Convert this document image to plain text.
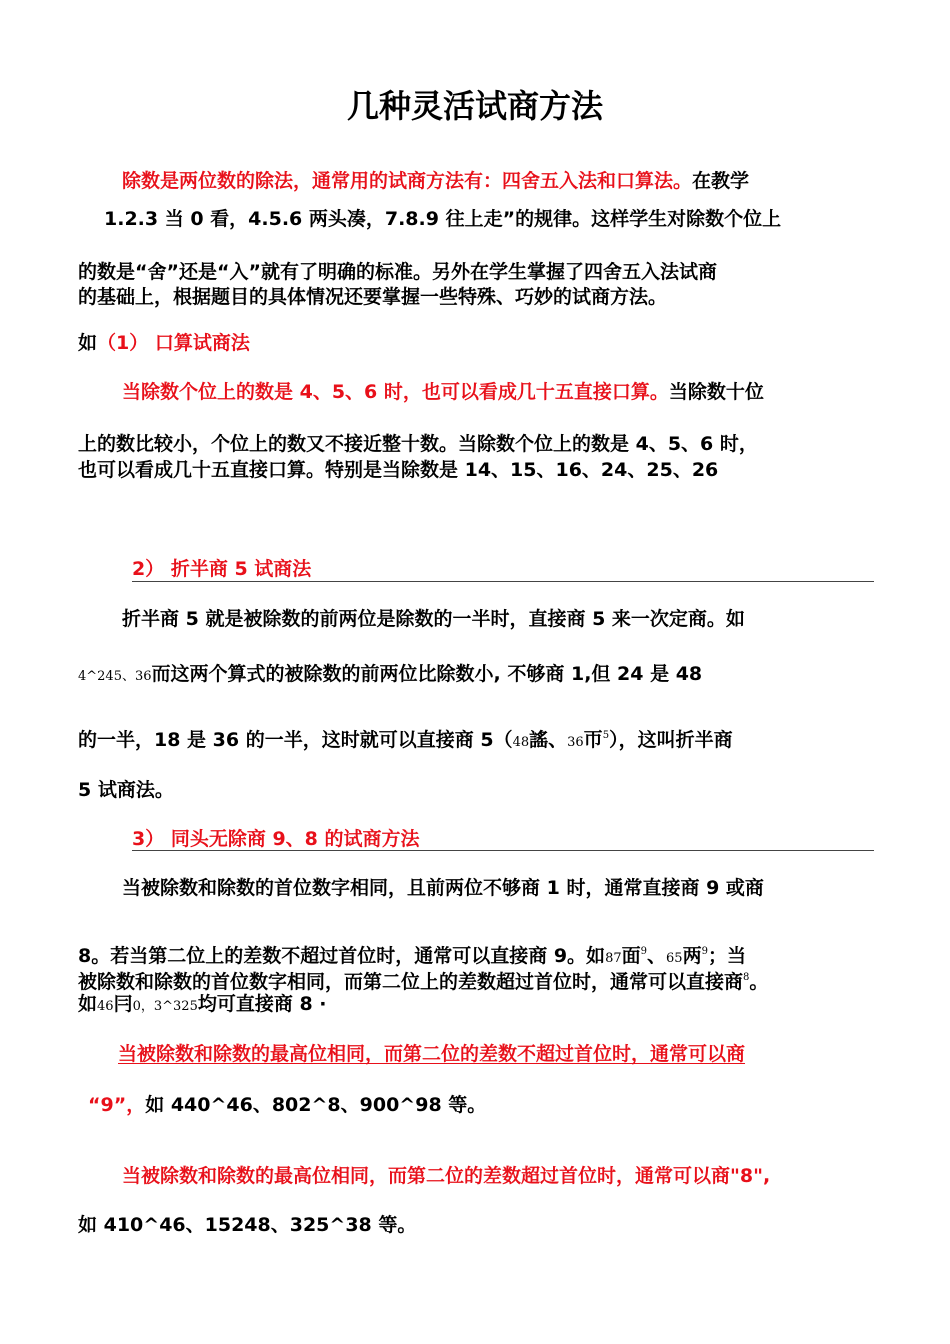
几种灵活试商方法
除数是两位数的除法，通常用的试商方法有：四舍五入法和口算法。在教学
1.2.3 当 0 看，4.5.6 两头凑，7.8.9 往上走”的规律。这样学生对除数个位上
的数是“舍”还是“入”就有了明确的标准。另外在学生掌握了四舍五入法试商
的基础上，根据题目的具体情况还要掌握一些特殊、巧妙的试商方法。
如（1） 口算试商法
当除数个位上的数是 4、5、6 时，也可以看成几十五直接口算。当除数十位
上的数比较小，个位上的数又不接近整十数。当除数个位上的数是 4、5、6 时，
也可以看成几十五直接口算。特别是当除数是 14、15、16、24、25、26
2） 折半商 5 试商法
折半商 5 就是被除数的前两位是除数的一半时，直接商 5 来一次定商。如
4^245、36而这两个算式的被除数的前两位比除数小, 不够商 1,但 24 是 48
的一半，18 是 36 的一半，这时就可以直接商 5（48謠、36帀$^5$），这叫折半商
5 试商法。
3） 同头无除商 9、8 的试商方法
当被除数和除数的首位数字相同，且前两位不够商 1 时，通常直接商 9 或商
8。若当第二位上的差数不超过首位时，通常可以直接商 9。如87面$^9$、65两$^9$；当
被除数和除数的首位数字相同，而第二位上的差数超过首位时，通常可以直接商$^8$。
如46冃0，3^325均可直接商 8 ·
当被除数和除数的最高位相同，而第二位的差数不超过首位时，通常可以商
“9”，如 440^46、802^8、900^98 等。
当被除数和除数的最高位相同，而第二位的差数超过首位时，通常可以商"8",
如 410^46、15248、325^38 等。
